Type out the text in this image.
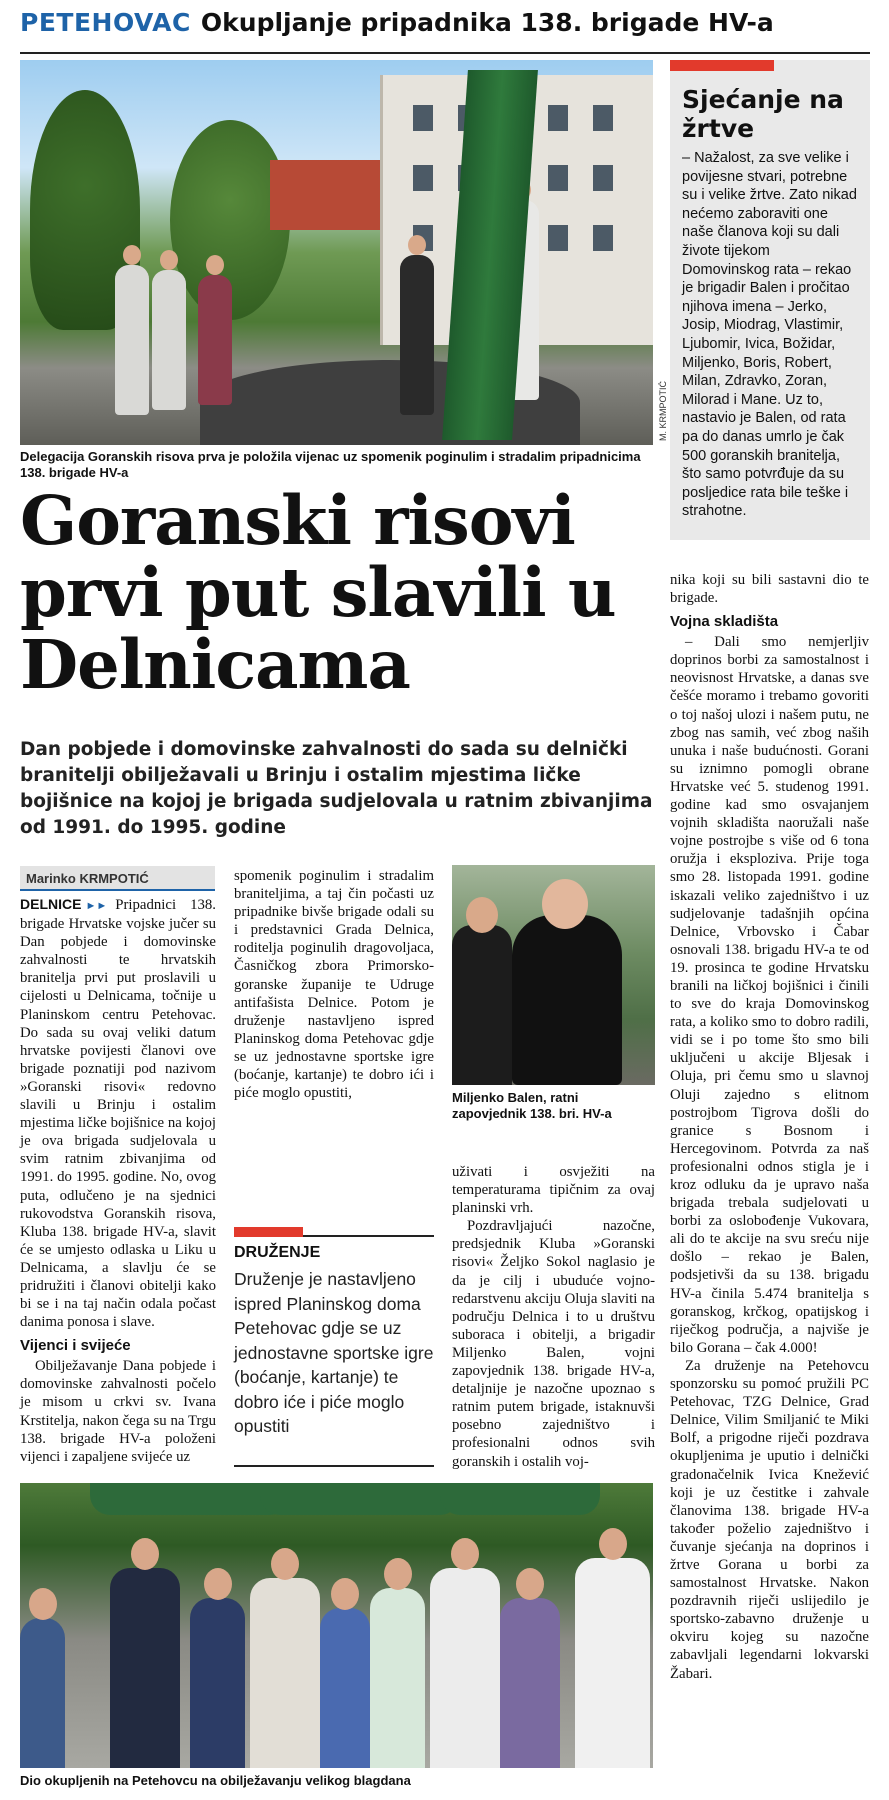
PETEHOVAC Okupljanje pripadnika 138. brigade HV-a
M. KRMPOTIĆ
Delegacija Goranskih risova prva je položila vijenac uz spomenik poginulim i stradalim pripadnicima 138. brigade HV-a
Sjećanje na žrtve
– Nažalost, za sve velike i povijesne stvari, potrebne su i velike žrtve. Zato nikad nećemo zaboraviti one naše članova koji su dali živote tijekom Domovinskog rata – rekao je brigadir Balen i pročitao njihova imena – Jerko, Josip, Miodrag, Vlastimir, Ljubomir, Ivica, Božidar, Miljenko, Boris, Robert, Milan, Zdravko, Zoran, Milorad i Mane. Uz to, nastavio je Balen, od rata pa do danas umrlo je čak 500 goranskih branitelja, što samo potvrđuje da su posljedice rata bile teške i strahotne.
Goranski risovi prvi put slavili u Delnicama
Dan pobjede i domovinske zahvalnosti do sada su delnički branitelji obilježavali u Brinju i ostalim mjestima ličke bojišnice na kojoj je brigada sudjelovala u ratnim zbivanjima od 1991. do 1995. godine
Marinko KRMPOTIĆ

DELNICE ►► Pripadnici 138. brigade Hrvatske vojske jučer su Dan pobjede i domovinske zahvalnosti te hrvatskih branitelja prvi put proslavili u cijelosti u Delnicama, točnije u Planinskom centru Petehovac. Do sada su ovaj veliki datum hrvatske povijesti članovi ove brigade poznatiji pod nazivom »Goranski risovi« redovno slavili u Brinju i ostalim mjestima ličke bojišnice na kojoj je ova brigada sudjelovala u svim ratnim zbivanjima od 1991. do 1995. godine. No, ovog puta, odlučeno je na sjednici rukovodstva Goranskih risova, Kluba 138. brigade HV-a, slavit će se umjesto odlaska u Liku u Delnicama, a slavlju će se pridružiti i članovi obitelji kako bi se i na taj način odala počast danima ponosa i slave.

Vijenci i svijeće

Obilježavanje Dana pobjede i domovinske zahvalnosti počelo je misom u crkvi sv. Ivana Krstitelja, nakon čega su na Trgu 138. brigade HV-a položeni vijenci i zapaljene svijeće uz

spomenik poginulim i stradalim braniteljima, a taj čin počasti uz pripadnike bivše brigade odali su i predstavnici Grada Delnica, roditelja poginulih dragovoljaca, Časničkog zbora Primorsko-goranske županije te Udruge antifašista Delnice. Potom je druženje nastavljeno ispred Planinskog doma Petehovac gdje se uz jednostavne sportske igre (boćanje, kartanje) te dobro ići i piće moglo opustiti,	Miljenko Balen, ratni zapovjednik 138. bri. HV-a

uživati i osvježiti na temperaturama tipičnim za ovaj planinski vrh.

Pozdravljajući nazočne, predsjednik Kluba »Goranski risovi« Željko Sokol naglasio je da je cilj i ubuduće vojno-redarstvenu akciju Oluja slaviti na području Delnica i to u društvu suboraca i obitelji, a brigadir Miljenko Balen, vojni zapovjednik 138. brigade HV-a, detaljnije je nazočne upoznao s ratnim putem brigade, istaknuvši posebno zajedništvo i profesionalni odnos svih goranskih i ostalih voj-

DRUŽENJE
Druženje je nastavljeno ispred Planinskog doma Petehovac gdje se uz jednostavne sportske igre (boćanje, kartanje) te dobro iće i piće moglo opustiti

nika koji su bili sastavni dio te brigade.

Vojna skladišta

– Dali smo nemjerljiv doprinos borbi za samostalnost i neovisnost Hrvatske, a danas sve češće moramo i trebamo govoriti o toj našoj ulozi i našem putu, ne zbog nas samih, već zbog naših unuka i naše budućnosti. Gorani su iznimno pomogli obrane Hrvatske već 5. studenog 1991. godine kad smo osvajanjem vojnih skladišta naoružali naše vojne postrojbe s više od 6 tona oružja i eksploziva. Prije toga smo 28. listopada 1991. godine iskazali veliko zajedništvo i uz sudjelovanje tadašnjih općina Delnice, Vrbovsko i Čabar osnovali 138. brigadu HV-a te od 19. prosinca te godine Hrvatsku branili na ličkoj bojišnici i činili to sve do kraja Domovinskog rata, a koliko smo to dobro radili, vidi se i po tome što smo bili uključeni u akcije Bljesak i Oluja, pri čemu smo u slavnoj Oluji zajedno s elitnom postrojbom Tigrova došli do granice s Bosnom i Hercegovinom. Potvrda za naš profesionalni odnos stigla je i kroz odluku da je upravo naša brigada trebala sudjelovati u borbi za oslobođenje Vukovara, ali do te akcije na svu sreću nije došlo – rekao je Balen, podsjetivši da su 138. brigadu HV-a činila 5.474 branitelja s goranskog, krčkog, opatijskog i riječkog područja, a najviše je bilo Gorana – čak 4.000!

Za druženje na Petehovcu sponzorsku su pomoć pružili PC Petehovac, TZG Delnice, Grad Delnice, Vilim Smiljanić te Miki Bolf, a prigodne riječi pozdrava okupljenima je uputio i delnički gradonačelnik Ivica Knežević koji je uz čestitke i zahvale članovima 138. brigade HV-a također poželio zajedništvo i čuvanje sjećanja na doprinos i žrtve Gorana u borbi za samostalnost Hrvatske. Nakon pozdravnih riječi uslijedilo je sportsko-zabavno druženje u okviru kojeg su nazočne zabavljali legendarni lokvarski Žabari.

Dio okupljenih na Petehovcu na obilježavanju velikog blagdana
